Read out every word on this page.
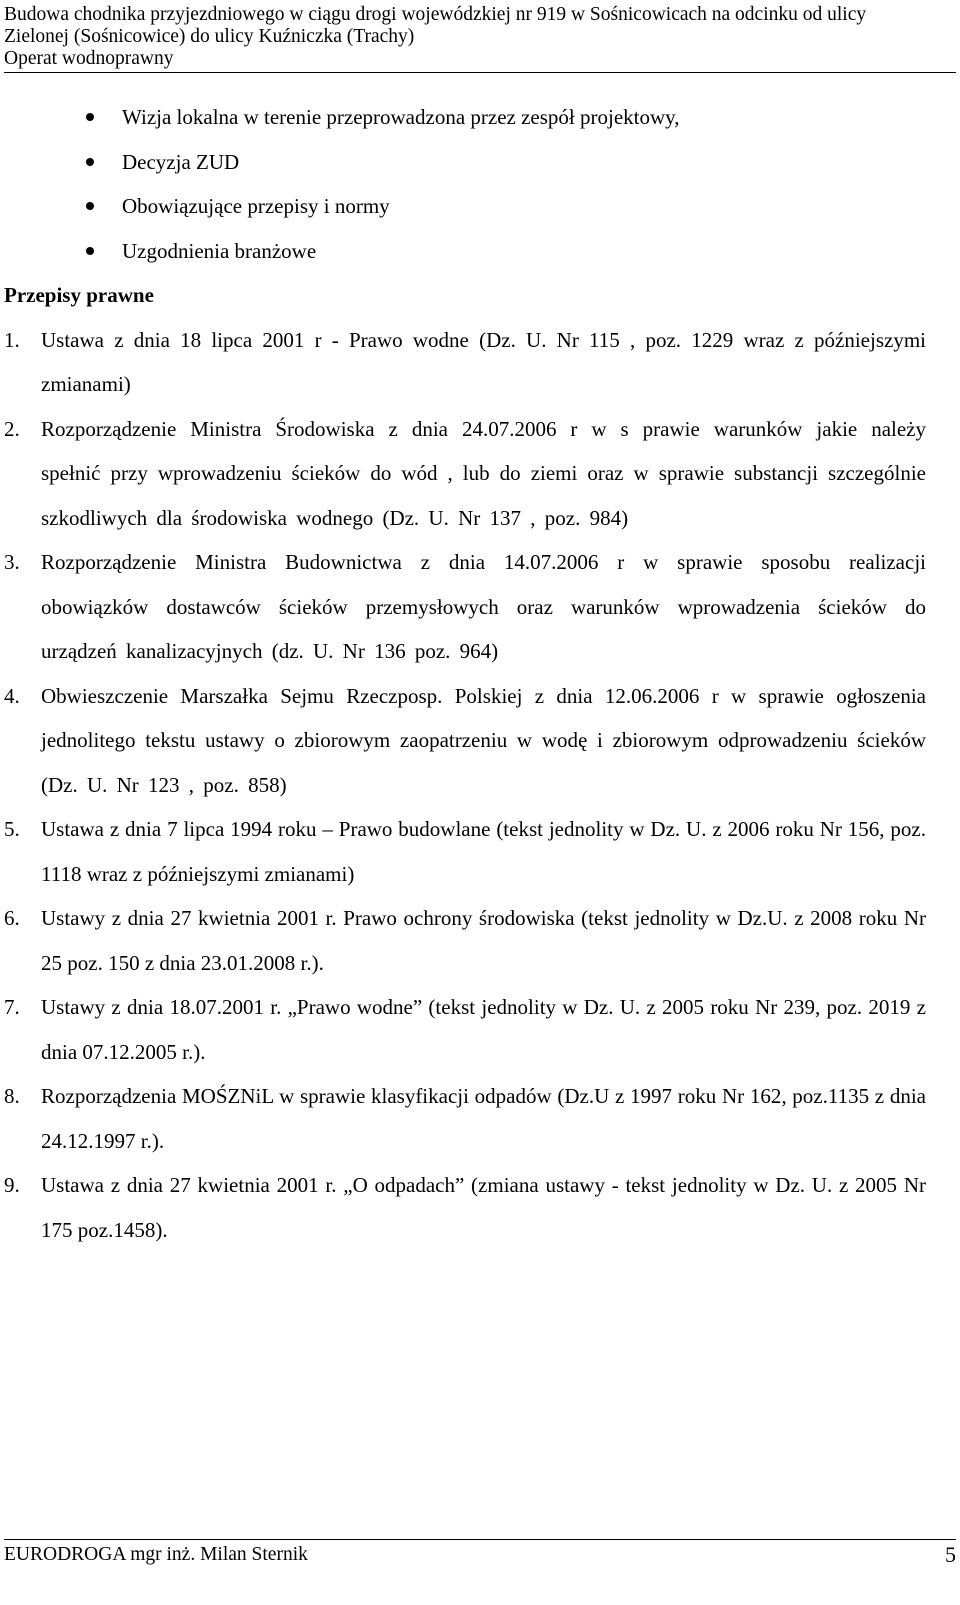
Budowa chodnika przyjezdniowego w ciągu drogi wojewódzkiej nr 919 w Sośnicowicach na odcinku od ulicy
Zielonej (Sośnicowice) do ulicy Kuźniczka (Trachy)
Operat wodnoprawny
Wizja lokalna w terenie przeprowadzona przez zespół projektowy,
Decyzja ZUD
Obowiązujące przepisy i normy
Uzgodnienia branżowe
Przepisy prawne
1. Ustawa z dnia 18 lipca 2001 r - Prawo wodne (Dz. U. Nr 115 , poz. 1229 wraz z późniejszymi zmianami)
2. Rozporządzenie Ministra Środowiska z dnia 24.07.2006 r w s prawie warunków jakie należy spełnić przy wprowadzeniu ścieków do wód , lub do ziemi oraz w sprawie substancji szczególnie szkodliwych dla środowiska wodnego (Dz. U. Nr 137 , poz. 984)
3. Rozporządzenie Ministra Budownictwa z dnia 14.07.2006 r w sprawie sposobu realizacji obowiązków dostawców ścieków przemysłowych oraz warunków wprowadzenia ścieków do urządzeń kanalizacyjnych (dz. U. Nr 136 poz. 964)
4. Obwieszczenie Marszałka Sejmu Rzeczposp. Polskiej z dnia 12.06.2006 r w sprawie ogłoszenia jednolitego tekstu ustawy o zbiorowym zaopatrzeniu w wodę i zbiorowym odprowadzeniu ścieków (Dz. U. Nr 123 , poz. 858)
5. Ustawa z dnia 7 lipca 1994 roku – Prawo budowlane (tekst jednolity w Dz. U. z 2006 roku Nr 156, poz. 1118 wraz z późniejszymi zmianami)
6. Ustawy z dnia 27 kwietnia 2001 r. Prawo ochrony środowiska (tekst jednolity w Dz.U. z 2008 roku Nr 25 poz. 150 z dnia 23.01.2008 r.).
7. Ustawy z dnia 18.07.2001 r. „Prawo wodne” (tekst jednolity w Dz. U. z 2005 roku Nr 239, poz. 2019 z dnia 07.12.2005 r.).
8. Rozporządzenia MOŚZNiL w sprawie klasyfikacji odpadów (Dz.U z 1997 roku Nr 162, poz.1135 z dnia 24.12.1997 r.).
9. Ustawa z dnia 27 kwietnia 2001 r. „O odpadach” (zmiana ustawy - tekst jednolity w Dz. U. z 2005 Nr 175 poz.1458).
EURODROGA mgr inż. Milan Sternik	5
